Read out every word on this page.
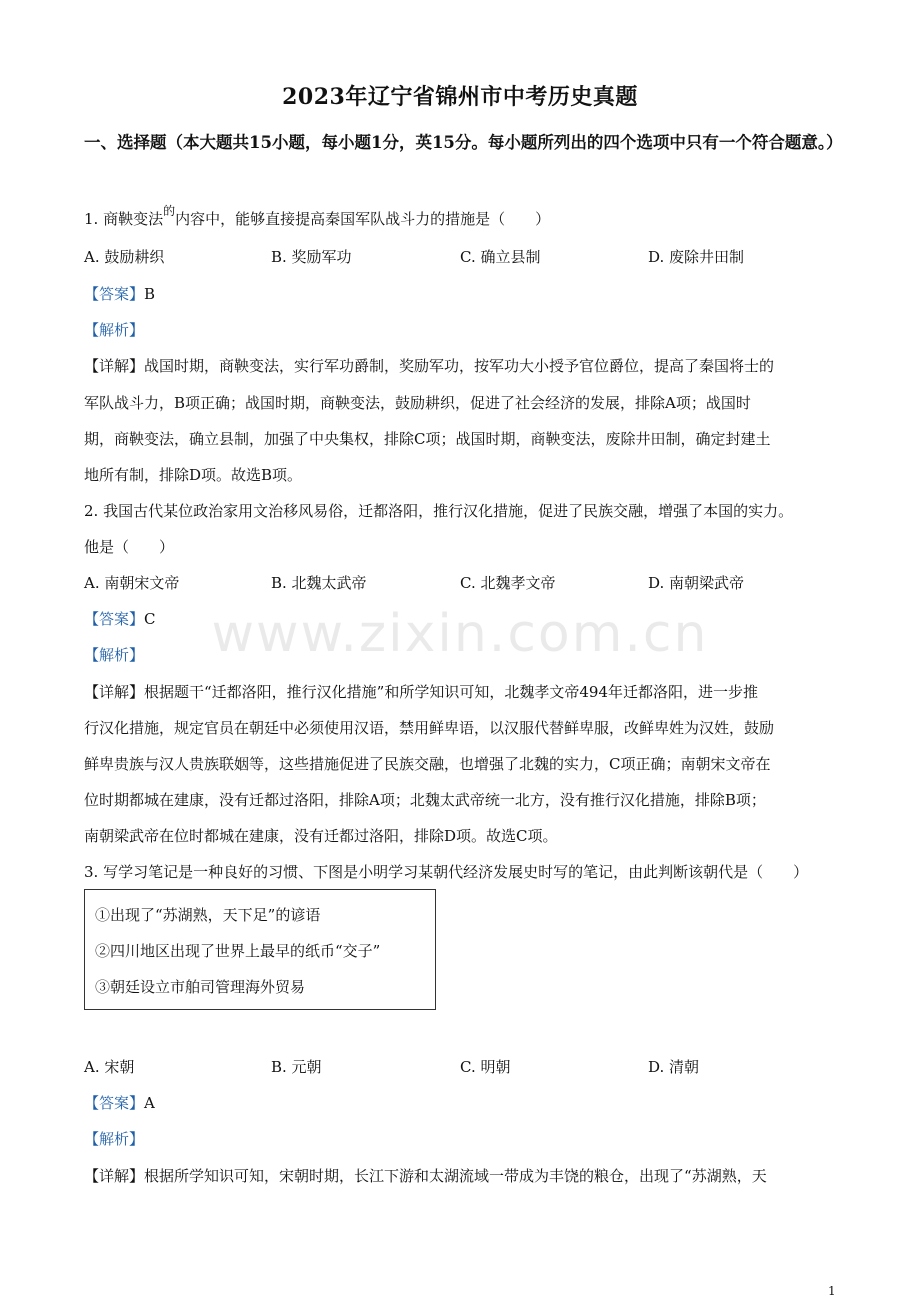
2023年辽宁省锦州市中考历史真题
一、选择题（本大题共15小题，每小题1分，英15分。每小题所列出的四个选项中只有一个符合题意。）
1. 商鞅变法$^的$内容中，能够直接提高秦国军队战斗力的措施是（　　）
A. 鼓励耕织	B. 奖励军功	C. 确立县制	D. 废除井田制
【答案】B
【解析】
【详解】战国时期，商鞅变法，实行军功爵制，奖励军功，按军功大小授予官位爵位，提高了秦国将士的
军队战斗力，B项正确；战国时期，商鞅变法，鼓励耕织，促进了社会经济的发展，排除A项；战国时
期，商鞅变法，确立县制，加强了中央集权，排除C项；战国时期，商鞅变法，废除井田制，确定封建土
地所有制，排除D项。故选B项。
2. 我国古代某位政治家用文治移风易俗，迁都洛阳，推行汉化措施，促进了民族交融，增强了本国的实力。
他是（　　）
A. 南朝宋文帝	B. 北魏太武帝	C. 北魏孝文帝	D. 南朝梁武帝
【答案】C
【解析】
【详解】根据题干“迁都洛阳，推行汉化措施”和所学知识可知，北魏孝文帝494年迁都洛阳，进一步推
行汉化措施，规定官员在朝廷中必须使用汉语，禁用鲜卑语，以汉服代替鲜卑服，改鲜卑姓为汉姓，鼓励
鲜卑贵族与汉人贵族联姻等，这些措施促进了民族交融，也增强了北魏的实力，C项正确；南朝宋文帝在
位时期都城在建康，没有迁都过洛阳，排除A项；北魏太武帝统一北方，没有推行汉化措施，排除B项；
南朝梁武帝在位时都城在建康，没有迁都过洛阳，排除D项。故选C项。
3. 写学习笔记是一种良好的习惯、下图是小明学习某朝代经济发展史时写的笔记，由此判断该朝代是（　　）
①出现了“苏湖熟，天下足”的谚语
②四川地区出现了世界上最早的纸币“交子”
③朝廷设立市舶司管理海外贸易
A. 宋朝	B. 元朝	C. 明朝	D. 清朝
【答案】A
【解析】
【详解】根据所学知识可知，宋朝时期，长江下游和太湖流域一带成为丰饶的粮仓，出现了“苏湖熟，天
www.zixin.com.cn
1
